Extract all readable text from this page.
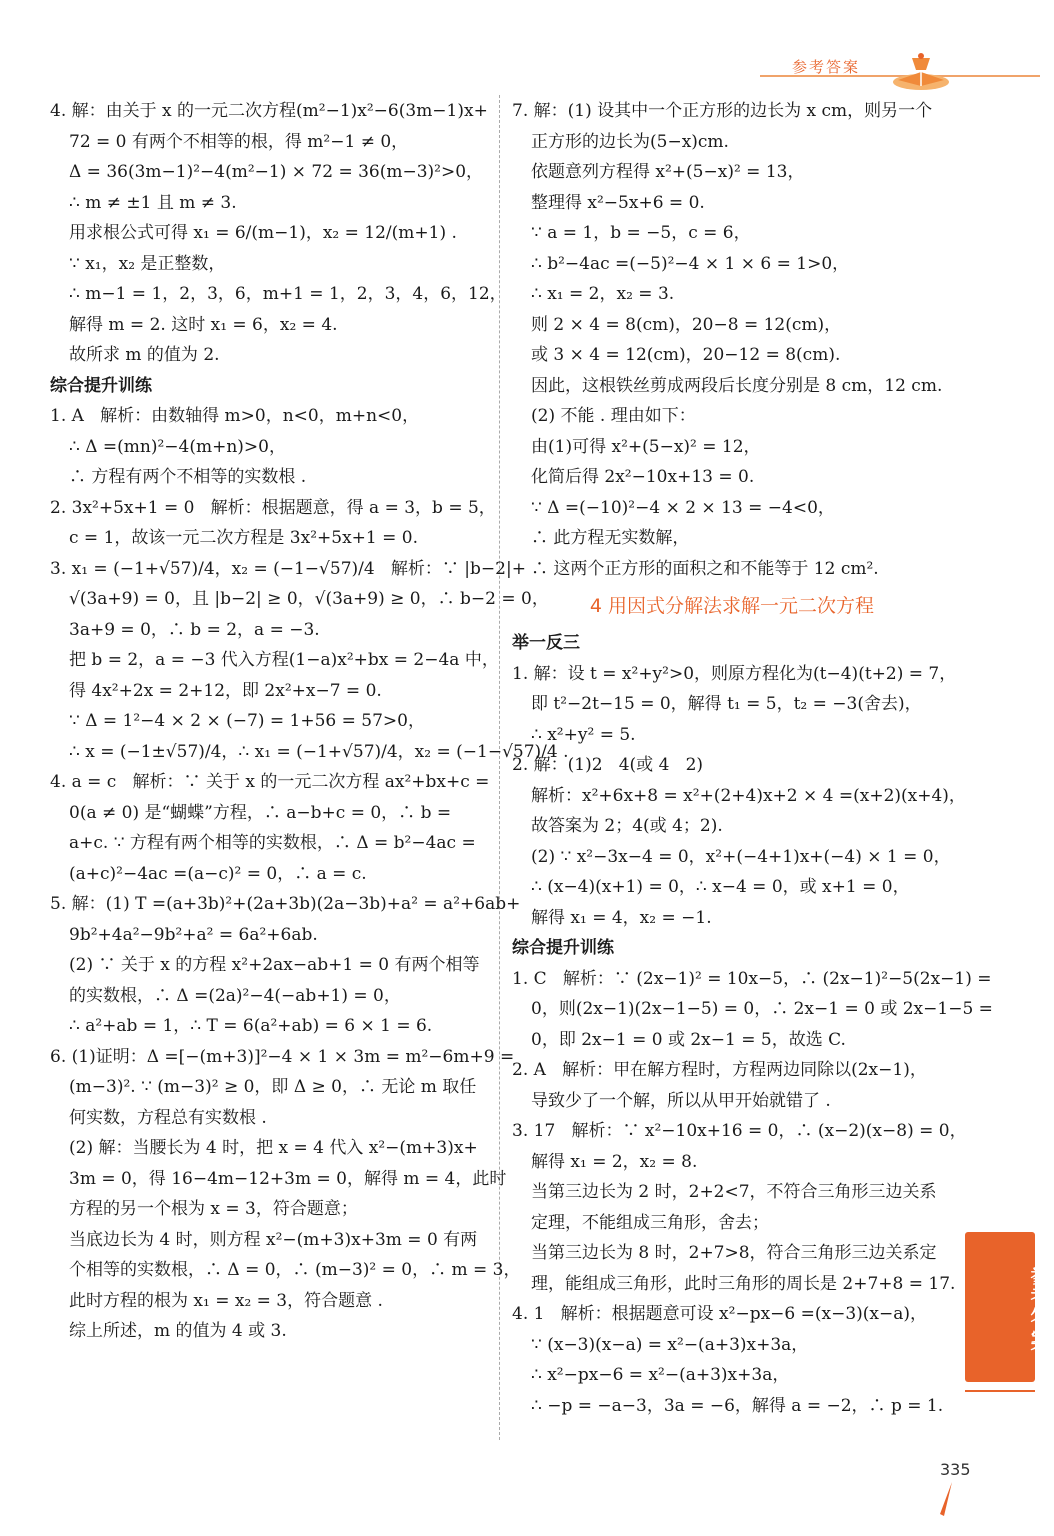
参考答案
4. 解：由关于 x 的一元二次方程(m²−1)x²−6(3m−1)x+
72 = 0 有两个不相等的根，得 m²−1 ≠ 0，
Δ = 36(3m−1)²−4(m²−1) × 72 = 36(m−3)²>0，
∴ m ≠ ±1 且 m ≠ 3.
用求根公式可得 x₁ = 6/(m−1)，x₂ = 12/(m+1) .
∵ x₁，x₂ 是正整数，
∴ m−1 = 1，2，3，6，m+1 = 1，2，3，4，6，12，
解得 m = 2. 这时 x₁ = 6，x₂ = 4.
故所求 m 的值为 2.
综合提升训练
1. A   解析：由数轴得 m>0，n<0，m+n<0，
∴ Δ =(mn)²−4(m+n)>0，
∴ 方程有两个不相等的实数根 .
2. 3x²+5x+1 = 0   解析：根据题意，得 a = 3，b = 5，
c = 1，故该一元二次方程是 3x²+5x+1 = 0.
3. x₁ = (−1+√57)/4，x₂ = (−1−√57)/4   解析：∵ |b−2|+
√(3a+9) = 0，且 |b−2| ≥ 0，√(3a+9) ≥ 0，∴ b−2 = 0，
3a+9 = 0，∴ b = 2，a = −3.
把 b = 2，a = −3 代入方程(1−a)x²+bx = 2−4a 中，
得 4x²+2x = 2+12，即 2x²+x−7 = 0.
∵ Δ = 1²−4 × 2 × (−7) = 1+56 = 57>0，
∴ x = (−1±√57)/4，∴ x₁ = (−1+√57)/4，x₂ = (−1−√57)/4 .
4. a = c   解析：∵ 关于 x 的一元二次方程 ax²+bx+c =
0(a ≠ 0) 是“蝴蝶”方程，∴ a−b+c = 0，∴ b =
a+c. ∵ 方程有两个相等的实数根，∴ Δ = b²−4ac =
(a+c)²−4ac =(a−c)² = 0，∴ a = c.
5. 解：(1) T =(a+3b)²+(2a+3b)(2a−3b)+a² = a²+6ab+
9b²+4a²−9b²+a² = 6a²+6ab.
(2) ∵ 关于 x 的方程 x²+2ax−ab+1 = 0 有两个相等
的实数根，∴ Δ =(2a)²−4(−ab+1) = 0，
∴ a²+ab = 1，∴ T = 6(a²+ab) = 6 × 1 = 6.
6. (1)证明：Δ =[−(m+3)]²−4 × 1 × 3m = m²−6m+9 =
(m−3)². ∵ (m−3)² ≥ 0，即 Δ ≥ 0，∴ 无论 m 取任
何实数，方程总有实数根 .
(2) 解：当腰长为 4 时，把 x = 4 代入 x²−(m+3)x+
3m = 0，得 16−4m−12+3m = 0，解得 m = 4，此时
方程的另一个根为 x = 3，符合题意；
当底边长为 4 时，则方程 x²−(m+3)x+3m = 0 有两
个相等的实数根，∴ Δ = 0，∴ (m−3)² = 0，∴ m = 3，
此时方程的根为 x₁ = x₂ = 3，符合题意 .
综上所述，m 的值为 4 或 3.
7. 解：(1) 设其中一个正方形的边长为 x cm，则另一个
正方形的边长为(5−x)cm.
依题意列方程得 x²+(5−x)² = 13，
整理得 x²−5x+6 = 0.
∵ a = 1，b = −5，c = 6，
∴ b²−4ac =(−5)²−4 × 1 × 6 = 1>0，
∴ x₁ = 2，x₂ = 3.
则 2 × 4 = 8(cm)，20−8 = 12(cm)，
或 3 × 4 = 12(cm)，20−12 = 8(cm).
因此，这根铁丝剪成两段后长度分别是 8 cm，12 cm.
(2) 不能 . 理由如下：
由(1)可得 x²+(5−x)² = 12，
化简后得 2x²−10x+13 = 0.
∵ Δ =(−10)²−4 × 2 × 13 = −4<0，
∴ 此方程无实数解，
∴ 这两个正方形的面积之和不能等于 12 cm².
4 用因式分解法求解一元二次方程
举一反三
1. 解：设 t = x²+y²>0，则原方程化为(t−4)(t+2) = 7，
即 t²−2t−15 = 0，解得 t₁ = 5，t₂ = −3(舍去)，
∴ x²+y² = 5.
2. 解：(1)2   4(或 4   2)
解析：x²+6x+8 = x²+(2+4)x+2 × 4 =(x+2)(x+4)，
故答案为 2；4(或 4；2).
(2) ∵ x²−3x−4 = 0，x²+(−4+1)x+(−4) × 1 = 0，
∴ (x−4)(x+1) = 0，∴ x−4 = 0，或 x+1 = 0，
解得 x₁ = 4，x₂ = −1.
综合提升训练
1. C   解析：∵ (2x−1)² = 10x−5，∴ (2x−1)²−5(2x−1) =
0，则(2x−1)(2x−1−5) = 0，∴ 2x−1 = 0 或 2x−1−5 =
0，即 2x−1 = 0 或 2x−1 = 5，故选 C.
2. A   解析：甲在解方程时，方程两边同除以(2x−1)，
导致少了一个解，所以从甲开始就错了 .
3. 17   解析：∵ x²−10x+16 = 0，∴ (x−2)(x−8) = 0，
解得 x₁ = 2，x₂ = 8.
当第三边长为 2 时，2+2<7，不符合三角形三边关系
定理，不能组成三角形，舍去；
当第三边长为 8 时，2+7>8，符合三角形三边关系定
理，能组成三角形，此时三角形的周长是 2+7+8 = 17.
4. 1   解析：根据题意可设 x²−px−6 =(x−3)(x−a)，
∵ (x−3)(x−a) = x²−(a+3)x+3a，
∴ x²−px−6 = x²−(a+3)x+3a，
∴ −p = −a−3，3a = −6，解得 a = −2，∴ p = 1.
参考答案
335
